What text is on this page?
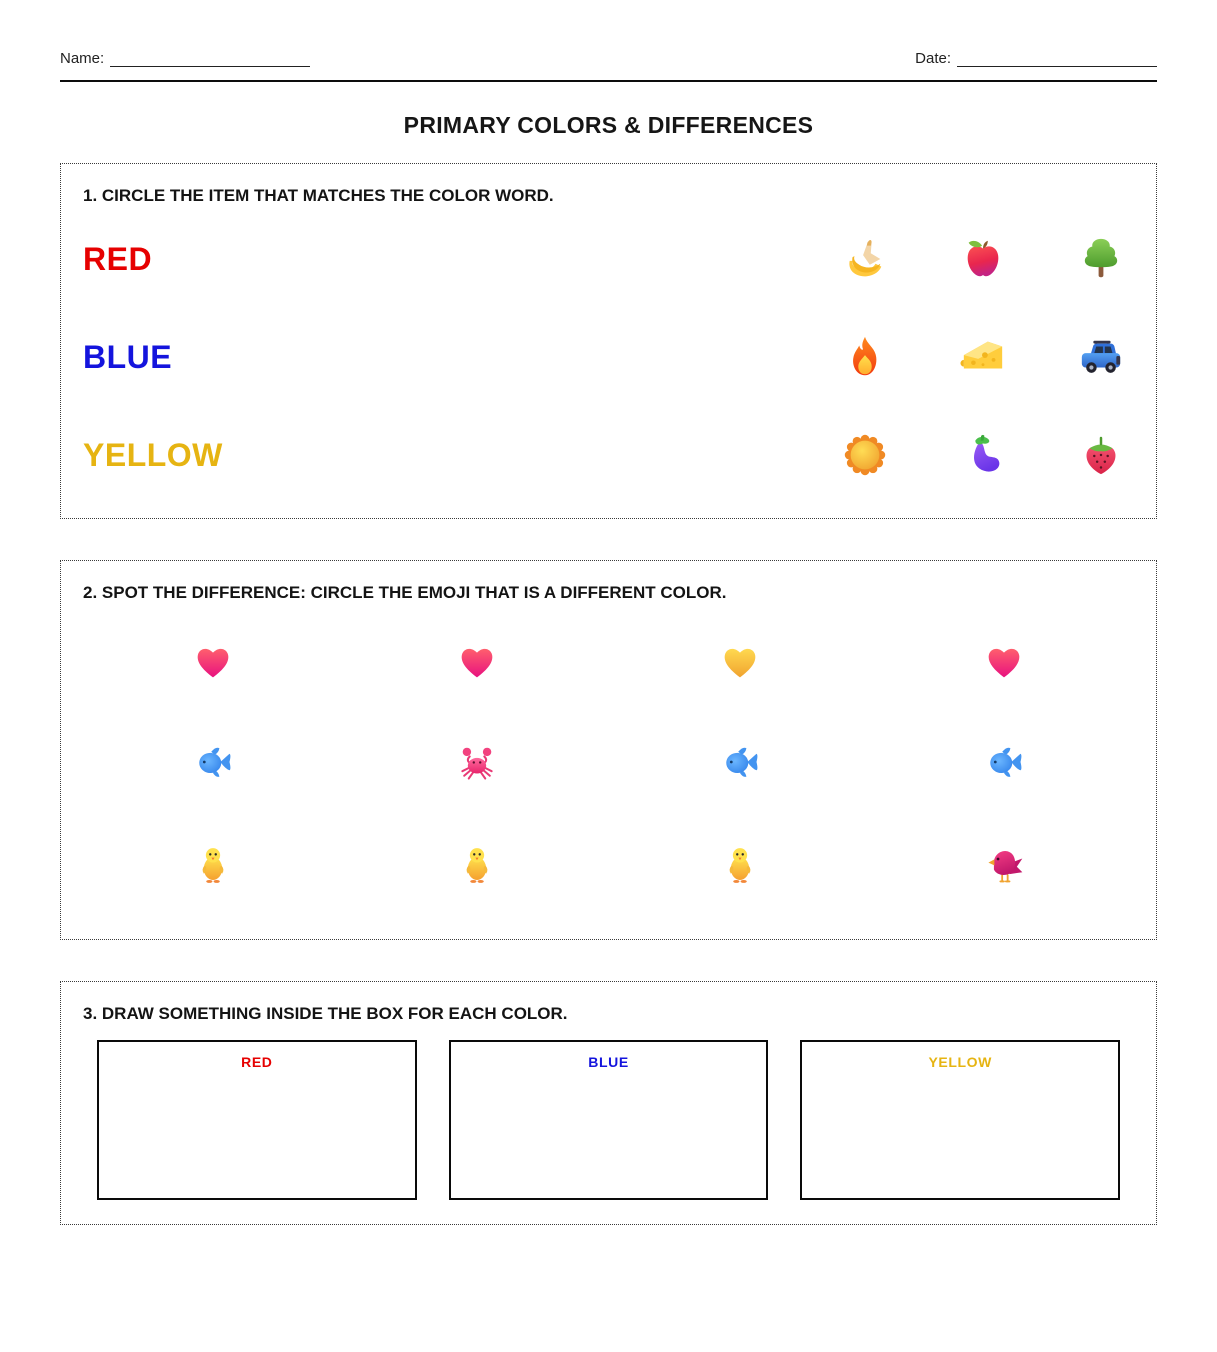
Name:	Date:
PRIMARY COLORS & DIFFERENCES
1. CIRCLE THE ITEM THAT MATCHES THE COLOR WORD.
RED
BLUE
YELLOW
2. SPOT THE DIFFERENCE: CIRCLE THE EMOJI THAT IS A DIFFERENT COLOR.
3. DRAW SOMETHING INSIDE THE BOX FOR EACH COLOR.
RED	BLUE	YELLOW
